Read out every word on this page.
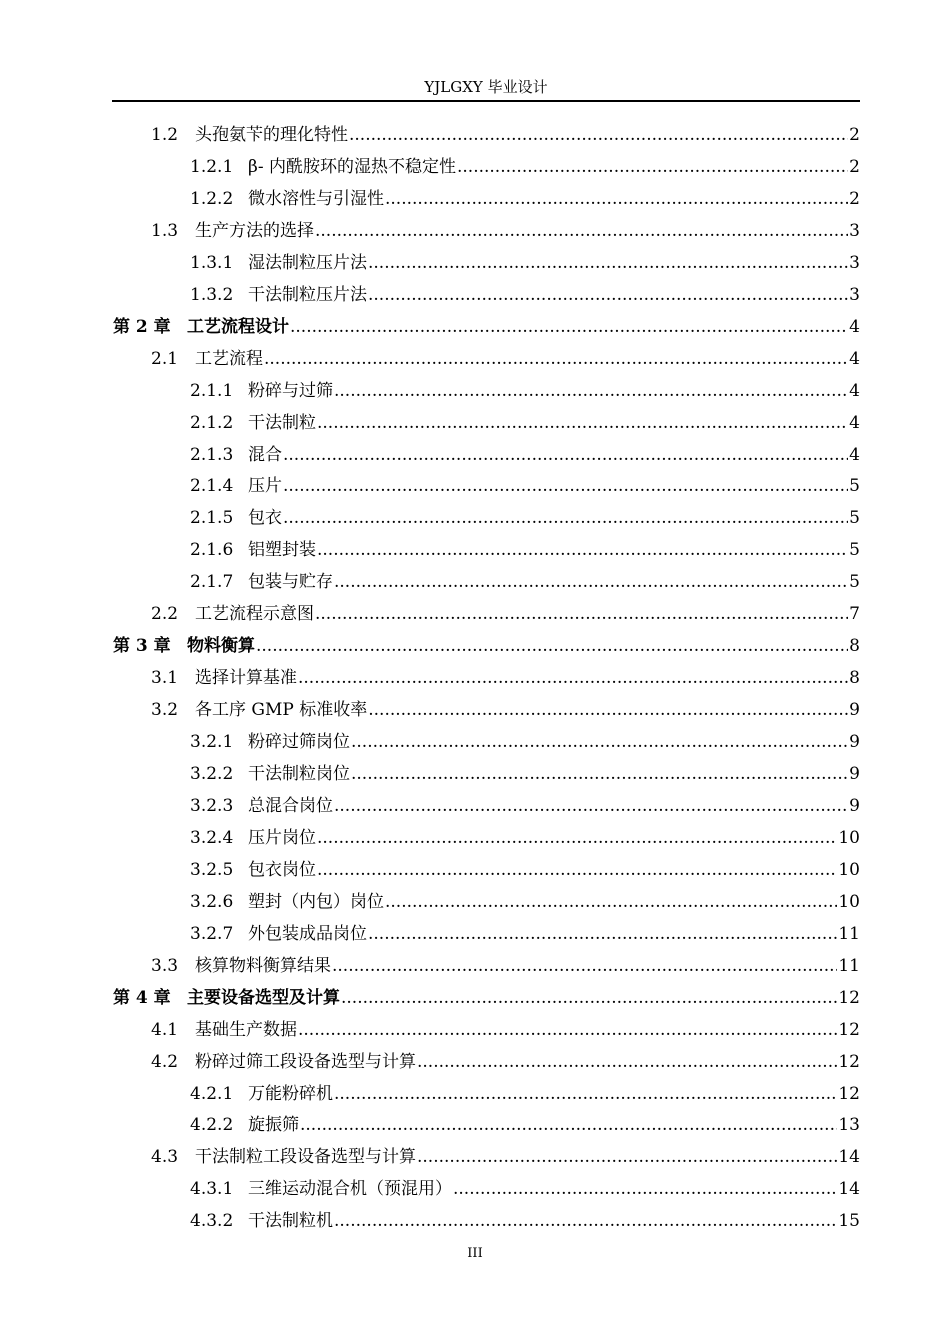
YJLGXY 毕业设计
1.2 头孢氨苄的理化特性 .....	2
1.2.1 β- 内酰胺环的湿热不稳定性 .....	2
1.2.2 微水溶性与引湿性 .....	2
1.3 生产方法的选择 .....	3
1.3.1 湿法制粒压片法 .....	3
1.3.2 干法制粒压片法 .....	3
第 2 章 工艺流程设计 .....	4
2.1 工艺流程 .....	4
2.1.1 粉碎与过筛 .....	4
2.1.2 干法制粒 .....	4
2.1.3 混合 .....	4
2.1.4 压片 .....	5
2.1.5 包衣 .....	5
2.1.6 铝塑封装 .....	5
2.1.7 包装与贮存 .....	5
2.2 工艺流程示意图 .....	7
第 3 章 物料衡算 .....	8
3.1 选择计算基准 .....	8
3.2 各工序 GMP 标准收率 .....	9
3.2.1 粉碎过筛岗位 .....	9
3.2.2 干法制粒岗位 .....	9
3.2.3 总混合岗位 .....	9
3.2.4 压片岗位 .....	10
3.2.5 包衣岗位 .....	10
3.2.6 塑封（内包）岗位 .....	10
3.2.7 外包装成品岗位 .....	11
3.3 核算物料衡算结果 .....	11
第 4 章 主要设备选型及计算 .....	12
4.1 基础生产数据 .....	12
4.2 粉碎过筛工段设备选型与计算 .....	12
4.2.1 万能粉碎机 .....	12
4.2.2 旋振筛 .....	13
4.3 干法制粒工段设备选型与计算 .....	14
4.3.1 三维运动混合机（预混用） .....	14
4.3.2 干法制粒机 .....	15
III
